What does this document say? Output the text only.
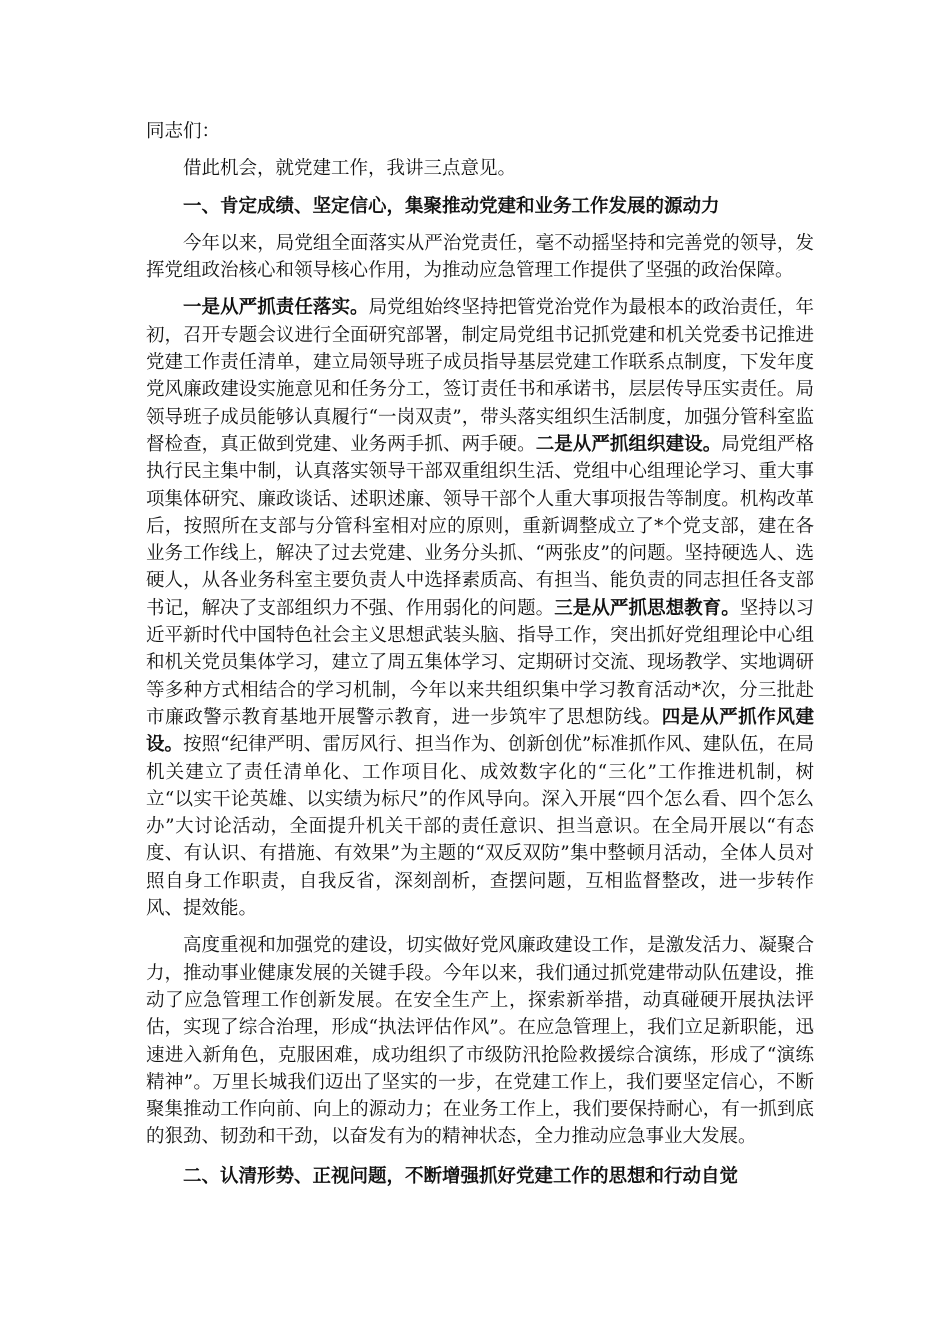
同志们：

借此机会，就党建工作，我讲三点意见。

一、肯定成绩、坚定信心，集聚推动党建和业务工作发展的源动力

今年以来，局党组全面落实从严治党责任，毫不动摇坚持和完善党的领导，发挥党组政治核心和领导核心作用，为推动应急管理工作提供了坚强的政治保障。

一是从严抓责任落实。局党组始终坚持把管党治党作为最根本的政治责任，年初，召开专题会议进行全面研究部署，制定局党组书记抓党建和机关党委书记推进党建工作责任清单，建立局领导班子成员指导基层党建工作联系点制度，下发年度党风廉政建设实施意见和任务分工，签订责任书和承诺书，层层传导压实责任。局领导班子成员能够认真履行“一岗双责”，带头落实组织生活制度，加强分管科室监督检查，真正做到党建、业务两手抓、两手硬。二是从严抓组织建设。局党组严格执行民主集中制，认真落实领导干部双重组织生活、党组中心组理论学习、重大事项集体研究、廉政谈话、述职述廉、领导干部个人重大事项报告等制度。机构改革后，按照所在支部与分管科室相对应的原则，重新调整成立了*个党支部，建在各业务工作线上，解决了过去党建、业务分头抓、“两张皮”的问题。坚持硬选人、选硬人，从各业务科室主要负责人中选择素质高、有担当、能负责的同志担任各支部书记，解决了支部组织力不强、作用弱化的问题。三是从严抓思想教育。坚持以习近平新时代中国特色社会主义思想武装头脑、指导工作，突出抓好党组理论中心组和机关党员集体学习，建立了周五集体学习、定期研讨交流、现场教学、实地调研等多种方式相结合的学习机制，今年以来共组织集中学习教育活动*次，分三批赴市廉政警示教育基地开展警示教育，进一步筑牢了思想防线。四是从严抓作风建设。按照“纪律严明、雷厉风行、担当作为、创新创优”标准抓作风、建队伍，在局机关建立了责任清单化、工作项目化、成效数字化的“三化”工作推进机制，树立“以实干论英雄、以实绩为标尺”的作风导向。深入开展“四个怎么看、四个怎么办”大讨论活动，全面提升机关干部的责任意识、担当意识。在全局开展以“有态度、有认识、有措施、有效果”为主题的“双反双防”集中整顿月活动，全体人员对照自身工作职责，自我反省，深刻剖析，查摆问题，互相监督整改，进一步转作风、提效能。

高度重视和加强党的建设，切实做好党风廉政建设工作，是激发活力、凝聚合力，推动事业健康发展的关键手段。今年以来，我们通过抓党建带动队伍建设，推动了应急管理工作创新发展。在安全生产上，探索新举措，动真碰硬开展执法评估，实现了综合治理，形成“执法评估作风”。在应急管理上，我们立足新职能，迅速进入新角色，克服困难，成功组织了市级防汛抢险救援综合演练，形成了“演练精神”。万里长城我们迈出了坚实的一步，在党建工作上，我们要坚定信心，不断聚集推动工作向前、向上的源动力；在业务工作上，我们要保持耐心，有一抓到底的狠劲、韧劲和干劲，以奋发有为的精神状态，全力推动应急事业大发展。

二、认清形势、正视问题，不断增强抓好党建工作的思想和行动自觉
